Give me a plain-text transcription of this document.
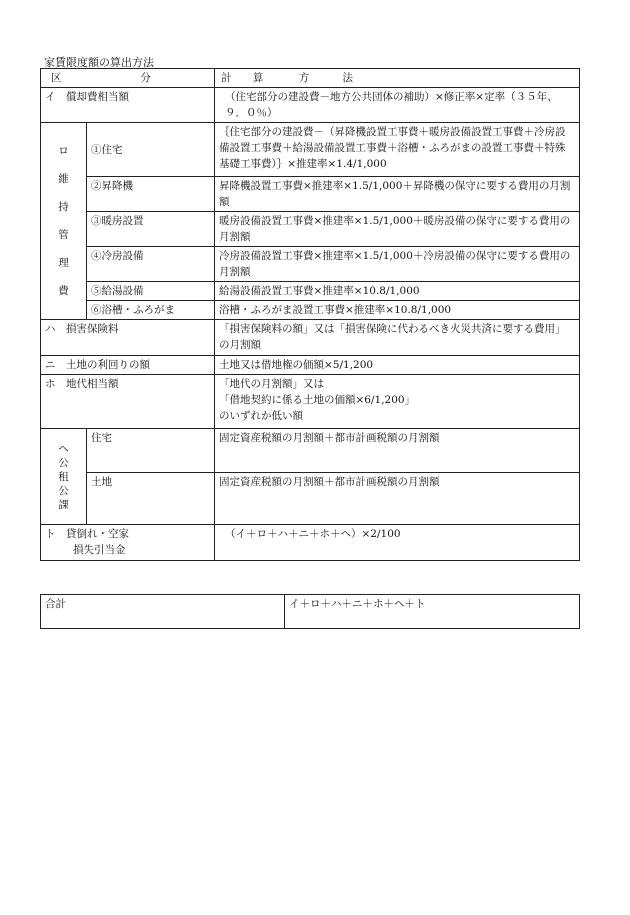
家賃限度額の算出方法
区 分		計 算 方 法
イ　償却費相当額		（住宅部分の建設費－地方公共団体の補助）×修正率×定率（３５年、９．０％）

ロ維持管理費	①住宅	｛住宅部分の建設費－（昇降機設置工事費＋暖房設備設置工事費＋冷房設備設置工事費＋給湯設備設置工事費＋浴槽・ふろがまの設置工事費＋特殊基礎工事費）｝×推建率×1.4/1,000
	②昇降機	昇降機設置工事費×推建率×1.5/1,000＋昇降機の保守に要する費用の月割額
	③暖房設置	暖房設備設置工事費×推建率×1.5/1,000＋暖房設備の保守に要する費用の月割額
	④冷房設備	冷房設備設置工事費×推建率×1.5/1,000＋冷房設備の保守に要する費用の月割額
	⑤給湯設備	給湯設備設置工事費×推建率×10.8/1,000
	⑥浴槽・ふろがま	浴槽・ふろがま設置工事費×推建率×10.8/1,000
ハ　損害保険料		「損害保険料の額」又は「損害保険に代わるべき火災共済に要する費用」の月割額
ニ　土地の利回りの額		土地又は借地権の価額×5/1,200
ホ　地代相当額		「地代の月割額」又は
「借地契約に係る土地の価額×6/1,200」
のいずれか低い額

ヘ公租公課	住宅	固定資産税額の月割額＋都市計画税額の月割額
	土地	固定資産税額の月割額＋都市計画税額の月割額

ト　貸倒れ・空家
損失引当金		（イ＋ロ＋ハ＋ニ＋ホ＋ヘ）×2/100
合計	イ＋ロ＋ハ＋ニ＋ホ＋ヘ＋ト
